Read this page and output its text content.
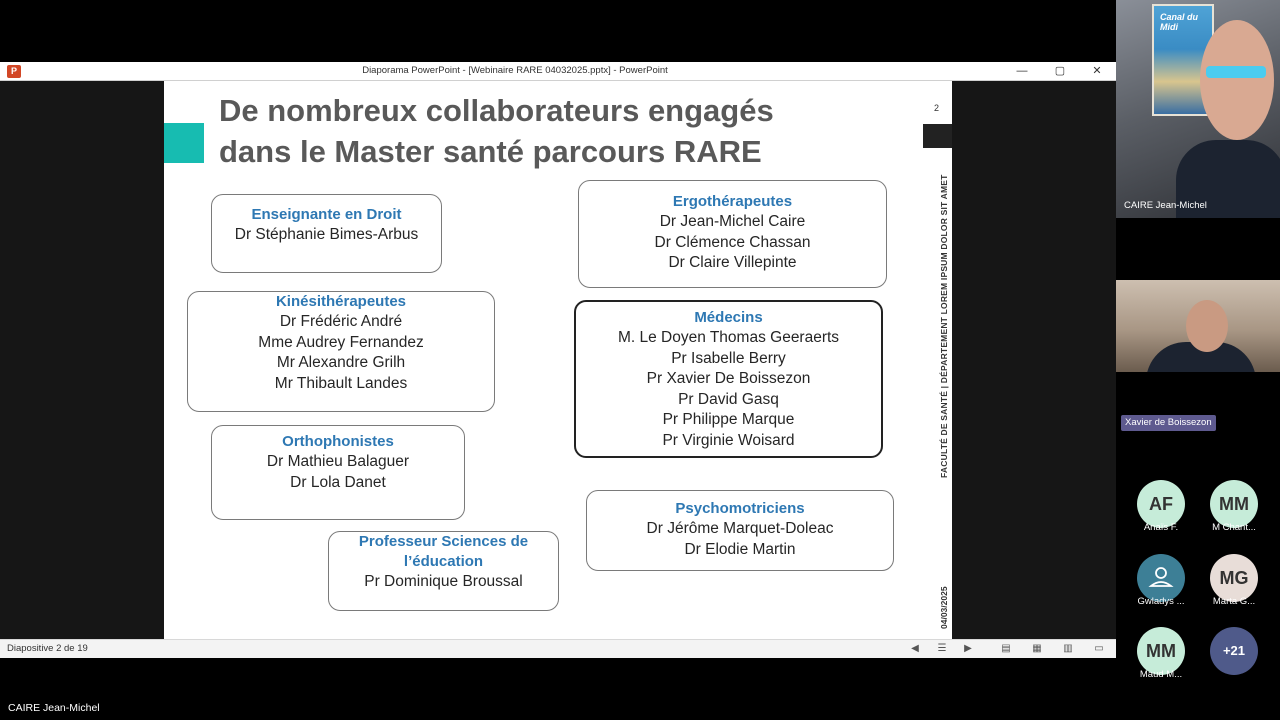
P	Diaporama PowerPoint - [Webinaire RARE 04032025.pptx] - PowerPoint	—	▢	✕
De nombreux collaborateurs engagés
dans le Master santé parcours RARE
2
FACULTÉ DE SANTÉ | DÉPARTEMENT LOREM IPSUM DOLOR SIT AMET
04/03/2025
Enseignante en Droit
Dr Stéphanie Bimes-Arbus
Kinésithérapeutes
Dr Frédéric André
Mme Audrey Fernandez
Mr Alexandre Grilh
Mr Thibault Landes
Orthophonistes
Dr Mathieu Balaguer
Dr Lola Danet
Professeur Sciences de
l’éducation
Pr Dominique Broussal
Ergothérapeutes
Dr Jean-Michel Caire
Dr Clémence Chassan
Dr Claire Villepinte
Médecins
M. Le Doyen Thomas Geeraerts
Pr Isabelle Berry
Pr Xavier De Boissezon
Pr David Gasq
Pr Philippe Marque
Pr Virginie Woisard
Psychomotriciens
Dr Jérôme Marquet-Doleac
Dr Elodie Martin
Diapositive 2 de 19	◀	☰	▶	▤ ▦ ▥ ▭
CAIRE Jean-Michel
Canal du Midi
CAIRE Jean-Michel
Xavier de Boissezon
AF
Anaïs F.
MM
M Chant...
Gwladys ...
MG
Marta G...
MM
Maud M...
+21
